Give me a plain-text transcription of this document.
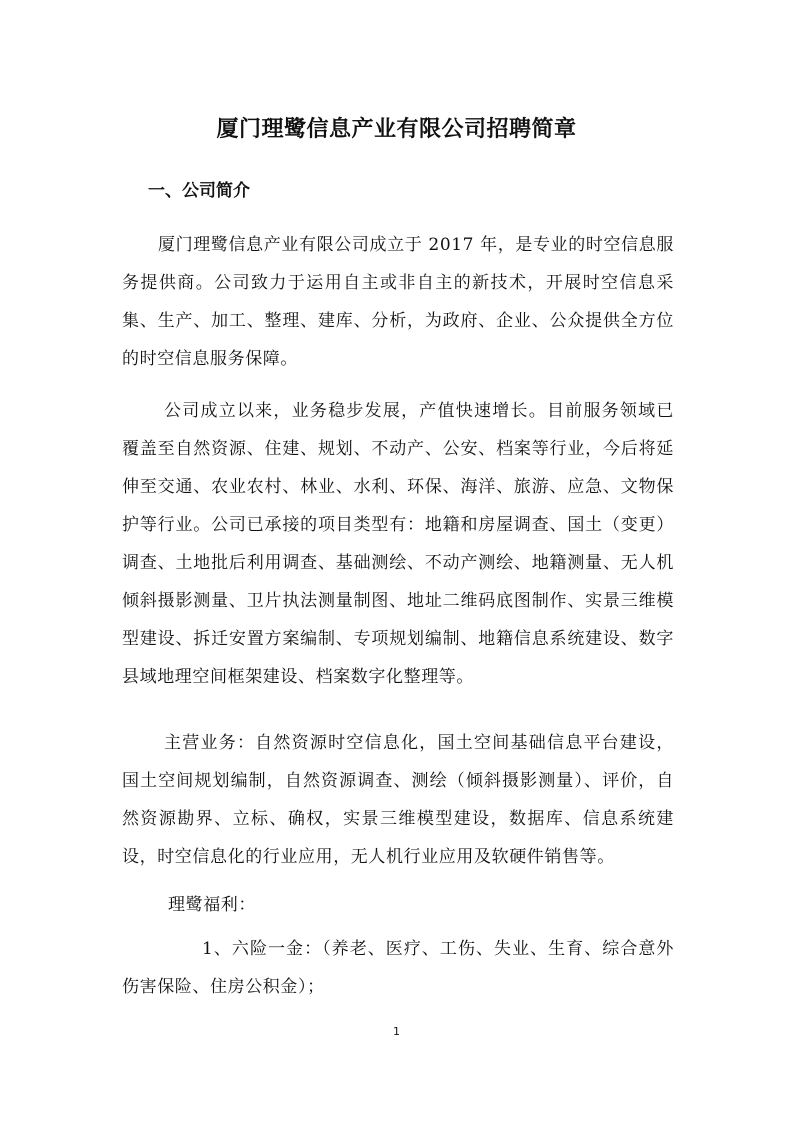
厦门理鹭信息产业有限公司招聘简章
一、公司简介
厦门理鹭信息产业有限公司成立于 2017 年，是专业的时空信息服务提供商。公司致力于运用自主或非自主的新技术，开展时空信息采集、生产、加工、整理、建库、分析，为政府、企业、公众提供全方位的时空信息服务保障。
公司成立以来，业务稳步发展，产值快速增长。目前服务领域已覆盖至自然资源、住建、规划、不动产、公安、档案等行业，今后将延伸至交通、农业农村、林业、水利、环保、海洋、旅游、应急、文物保护等行业。公司已承接的项目类型有：地籍和房屋调查、国土（变更）调查、土地批后利用调查、基础测绘、不动产测绘、地籍测量、无人机倾斜摄影测量、卫片执法测量制图、地址二维码底图制作、实景三维模型建设、拆迁安置方案编制、专项规划编制、地籍信息系统建设、数字县域地理空间框架建设、档案数字化整理等。
主营业务：自然资源时空信息化，国土空间基础信息平台建设，国土空间规划编制，自然资源调查、测绘（倾斜摄影测量）、评价，自然资源勘界、立标、确权，实景三维模型建设，数据库、信息系统建设，时空信息化的行业应用，无人机行业应用及软硬件销售等。
理鹭福利：
1、六险一金：（养老、医疗、工伤、失业、生育、综合意外伤害保险、住房公积金）；
1
